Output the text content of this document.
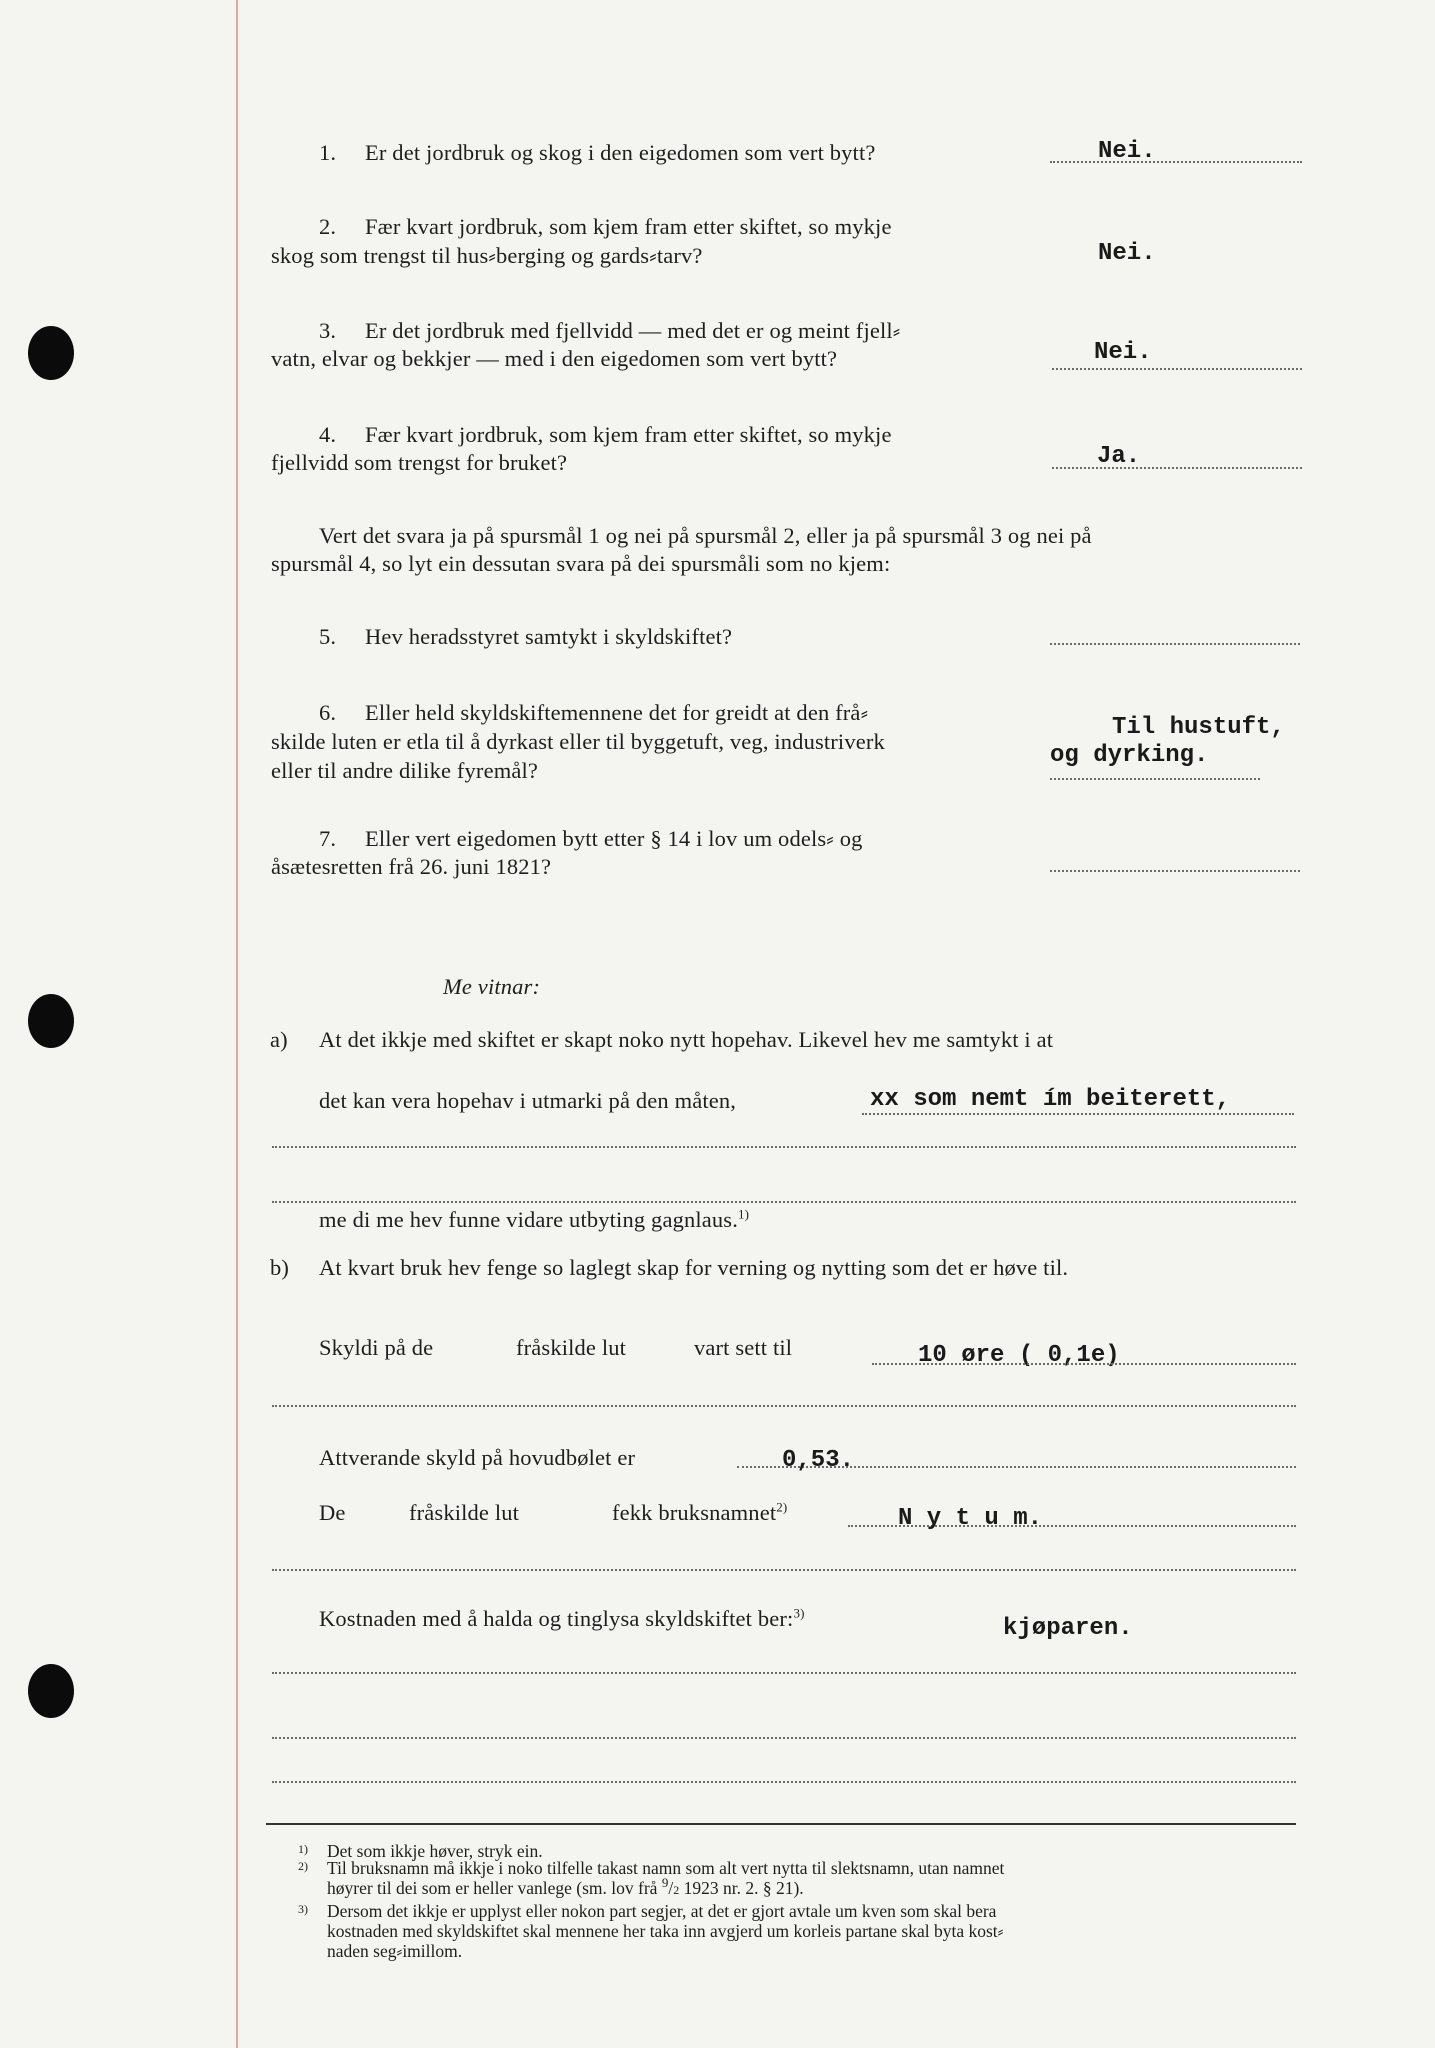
1. Er det jordbruk og skog i den eigedomen som vert bytt?	Nei.
2. Fær kvart jordbruk, som kjem fram etter skiftet, so mykje
skog som trengst til hus⸗berging og gards⸗tarv?	Nei.
3. Er det jordbruk med fjellvidd — med det er og meint fjell⸗
vatn, elvar og bekkjer — med i den eigedomen som vert bytt?	Nei.
4. Fær kvart jordbruk, som kjem fram etter skiftet, so mykje
fjellvidd som trengst for bruket?	Ja.
Vert det svara ja på spursmål 1 og nei på spursmål 2, eller ja på spursmål 3 og nei på
spursmål 4, so lyt ein dessutan svara på dei spursmåli som no kjem:
5. Hev heradsstyret samtykt i skyldskiftet?
6. Eller held skyldskiftemennene det for greidt at den frå⸗
skilde luten er etla til å dyrkast eller til byggetuft, veg, industriverk
eller til andre dilike fyremål?
Til hustuft,
og dyrking.
7. Eller vert eigedomen bytt etter § 14 i lov um odels⸗ og
åsætesretten frå 26. juni 1821?
Me vitnar:
a) At det ikkje med skiftet er skapt noko nytt hopehav. Likevel hev me samtykt i at
det kan vera hopehav i utmarki på den måten,	xx som nemt ím beiterett,
me di me hev funne vidare utbyting gagnlaus.$^{1)}$
b) At kvart bruk hev fenge so laglegt skap for verning og nytting som det er høve til.
Skyldi på de	fråskilde lut	vart sett til	10 øre ( 0,1e)
Attverande skyld på hovudbølet er	0,53.
De	fråskilde lut	fekk bruksnamnet$^{2)}$	N y t u m.
Kostnaden med å halda og tinglysa skyldskiftet ber:$^{3)}$
kjøparen.
1) Det som ikkje høver, stryk ein.
2) Til bruksnamn må ikkje i noko tilfelle takast namn som alt vert nytta til slektsnamn, utan namnet
høyrer til dei som er heller vanlege (sm. lov frå $^9$/2 1923 nr. 2. § 21).
3) Dersom det ikkje er upplyst eller nokon part segjer, at det er gjort avtale um kven som skal bera
kostnaden med skyldskiftet skal mennene her taka inn avgjerd um korleis partane skal byta kost⸗
naden seg⸗imillom.
